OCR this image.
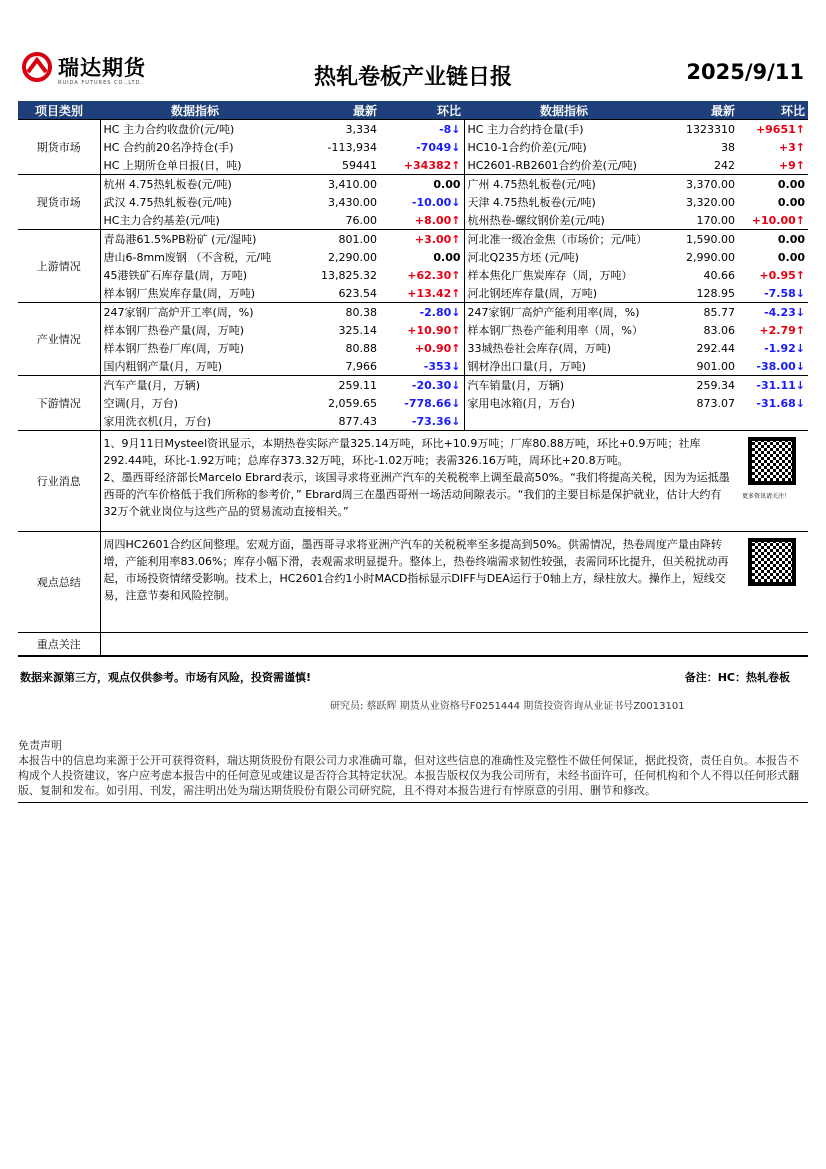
瑞达期货
RUIDA FUTURES CO.,LTD.	热轧卷板产业链日报	2025/9/11
项目类别	数据指标	最新	环比	数据指标	最新	环比
期货市场	HC 主力合约收盘价(元/吨)	3,334	-8↓	HC 主力合约持仓量(手)	1323310	+9651↑
	HC 合约前20名净持仓(手)	-113,934	-7049↓	HC10-1合约价差(元/吨)	38	+3↑
	HC 上期所仓单日报(日，吨)	59441	+34382↑	HC2601-RB2601合约价差(元/吨)	242	+9↑
现货市场	杭州 4.75热轧板卷(元/吨)	3,410.00	0.00	广州 4.75热轧板卷(元/吨)	3,370.00	0.00
	武汉 4.75热轧板卷(元/吨)	3,430.00	-10.00↓	天津 4.75热轧板卷(元/吨)	3,320.00	0.00
	HC主力合约基差(元/吨)	76.00	+8.00↑	杭州热卷-螺纹钢价差(元/吨)	170.00	+10.00↑
上游情况	青岛港61.5%PB粉矿 (元/湿吨)	801.00	+3.00↑	河北准一级冶金焦（市场价；元/吨）	1,590.00	0.00
	唐山6-8mm废钢 （不含税，元/吨	2,290.00	0.00	河北Q235方坯 (元/吨)	2,990.00	0.00
	45港铁矿石库存量(周，万吨)	13,825.32	+62.30↑	样本焦化厂焦炭库存（周，万吨）	40.66	+0.95↑
	样本钢厂焦炭库存量(周，万吨)	623.54	+13.42↑	河北钢坯库存量(周，万吨)	128.95	-7.58↓
产业情况	247家钢厂高炉开工率(周，%)	80.38	-2.80↓	247家钢厂高炉产能利用率(周，%)	85.77	-4.23↓
	样本钢厂热卷产量(周，万吨)	325.14	+10.90↑	样本钢厂热卷产能利用率（周，%）	83.06	+2.79↑
	样本钢厂热卷厂库(周，万吨)	80.88	+0.90↑	33城热卷社会库存(周，万吨)	292.44	-1.92↓
	国内粗钢产量(月，万吨)	7,966	-353↓	钢材净出口量(月，万吨)	901.00	-38.00↓
下游情况	汽车产量(月，万辆)	259.11	-20.30↓	汽车销量(月，万辆)	259.34	-31.11↓
	空调(月，万台)	2,059.65	-778.66↓	家用电冰箱(月，万台)	873.07	-31.68↓
	家用洗衣机(月，万台)	877.43	-73.36↓			
行业消息	1、9月11日Mysteel资讯显示，本期热卷实际产量325.14万吨，环比+10.9万吨；厂库80.88万吨，环比+0.9万吨；社库292.44吨，环比-1.92万吨；总库存373.32万吨，环比-1.02万吨；表需326.16万吨，周环比+20.8万吨。
2、墨西哥经济部长Marcelo Ebrard表示，该国寻求将亚洲产汽车的关税税率上调至最高50%。“我们将提高关税，因为为运抵墨西哥的汽车价格低于我们所称的参考价，” Ebrard周三在墨西哥州一场活动间隙表示。“我们的主要目标是保护就业，估计大约有32万个就业岗位与这些产品的贸易流动直接相关。”					更多资讯请关注！

观点总结	周四HC2601合约区间整理。宏观方面，墨西哥寻求将亚洲产汽车的关税税率至多提高到50%。供需情况，热卷周度产量由降转增，产能利用率83.06%；库存小幅下滑，表观需求明显提升。整体上，热卷终端需求韧性较强，表需同环比提升，但关税扰动再起，市场投资情绪受影响。技术上，HC2601合约1小时MACD指标显示DIFF与DEA运行于0轴上方，绿柱放大。操作上，短线交易，注意节奏和风险控制。					

重点关注						
数据来源第三方，观点仅供参考。市场有风险，投资需谨慎!	备注：HC：热轧卷板
研究员: 蔡跃辉 期货从业资格号F0251444 期货投资咨询从业证书号Z0013101
免责声明
本报告中的信息均来源于公开可获得资料，瑞达期货股份有限公司力求准确可靠，但对这些信息的准确性及完整性不做任何保证，据此投资，责任自负。本报告不构成个人投资建议，客户应考虑本报告中的任何意见或建议是否符合其特定状况。本报告版权仅为我公司所有，未经书面许可，任何机构和个人不得以任何形式翻版、复制和发布。如引用、刊发，需注明出处为瑞达期货股份有限公司研究院，且不得对本报告进行有悖原意的引用、删节和修改。
